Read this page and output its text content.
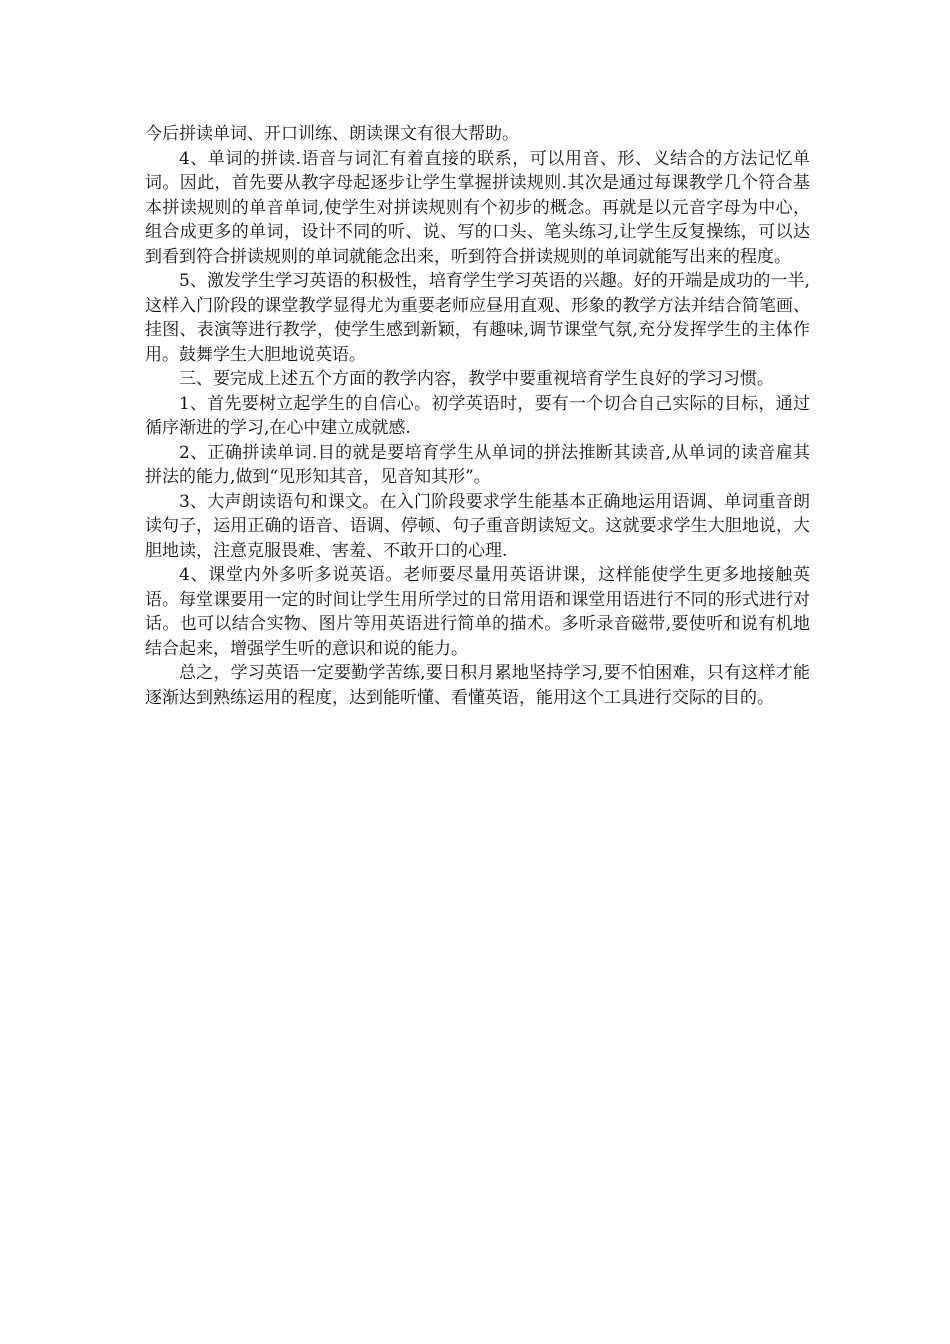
今后拼读单词、开口训练、朗读课文有很大帮助。

4、单词的拼读.语音与词汇有着直接的联系，可以用音、形、义结合的方法记忆单词。因此，首先要从教字母起逐步让学生掌握拼读规则.其次是通过每课教学几个符合基本拼读规则的单音单词,使学生对拼读规则有个初步的概念。再就是以元音字母为中心，组合成更多的单词，设计不同的听、说、写的口头、笔头练习,让学生反复操练，可以达到看到符合拼读规则的单词就能念出来，听到符合拼读规则的单词就能写出来的程度。

5、激发学生学习英语的积极性，培育学生学习英语的兴趣。好的开端是成功的一半,这样入门阶段的课堂教学显得尤为重要老师应昼用直观、形象的教学方法并结合简笔画、挂图、表演等进行教学，使学生感到新颖，有趣味,调节课堂气氛,充分发挥学生的主体作用。鼓舞学生大胆地说英语。

三、要完成上述五个方面的教学内容，教学中要重视培育学生良好的学习习惯。

1、首先要树立起学生的自信心。初学英语时，要有一个切合自己实际的目标，通过循序渐进的学习,在心中建立成就感.

2、正确拼读单词.目的就是要培育学生从单词的拼法推断其读音,从单词的读音雇其拼法的能力,做到“见形知其音，见音知其形”。

3、大声朗读语句和课文。在入门阶段要求学生能基本正确地运用语调、单词重音朗读句子，运用正确的语音、语调、停顿、句子重音朗读短文。这就要求学生大胆地说，大胆地读，注意克服畏难、害羞、不敢开口的心理.

4、课堂内外多听多说英语。老师要尽量用英语讲课，这样能使学生更多地接触英语。每堂课要用一定的时间让学生用所学过的日常用语和课堂用语进行不同的形式进行对话。也可以结合实物、图片等用英语进行简单的描术。多听录音磁带,要使听和说有机地结合起来，增强学生听的意识和说的能力。

总之，学习英语一定要勤学苦练,要日积月累地坚持学习,要不怕困难，只有这样才能逐渐达到熟练运用的程度，达到能听懂、看懂英语，能用这个工具进行交际的目的。
